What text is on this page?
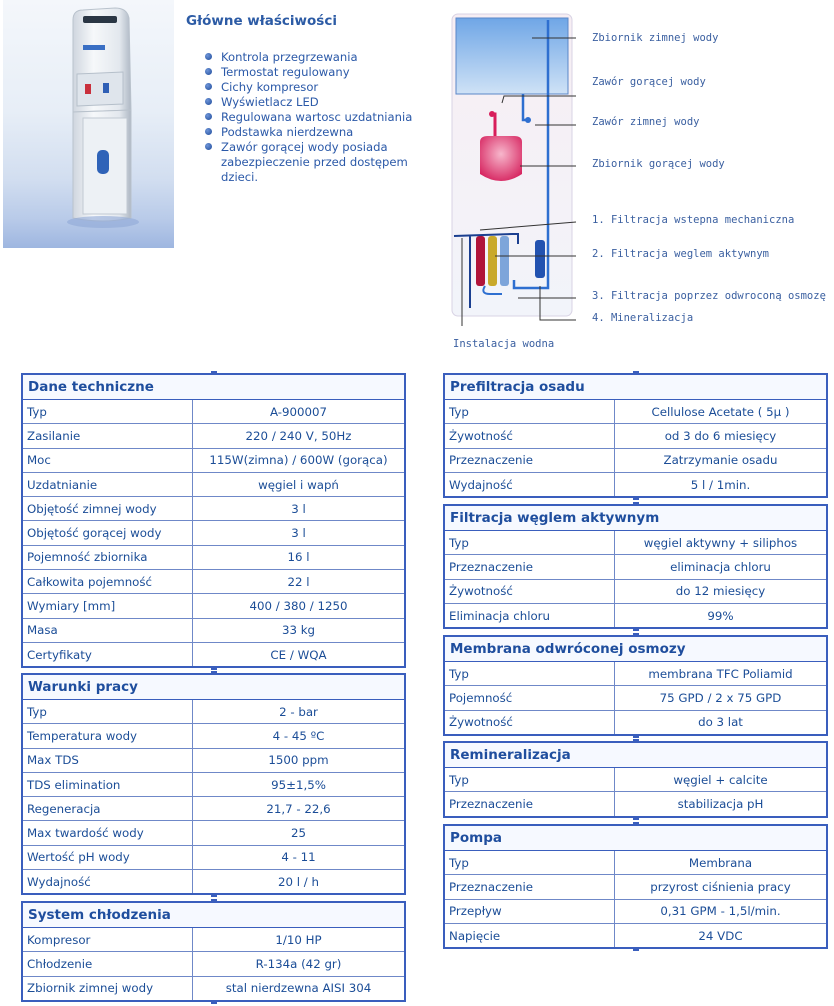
Główne właściwości
Kontrola przegrzewania
Termostat regulowany
Cichy kompresor
Wyświetlacz LED
Regulowana wartosc uzdatniania
Podstawka nierdzewna
Zawór gorącej wody posiada zabezpieczenie przed dostępem dzieci.
Zbiornik zimnej wody
Zawór gorącej wody
Zawór zimnej wody
Zbiornik gorącej wody
1. Filtracja wstepna mechaniczna
2. Filtracja weglem aktywnym
3. Filtracja poprzez odwroconą osmozę
4. Mineralizacja
Instalacja wodna
Dane techniczne
Typ	A-900007
Zasilanie	220 / 240 V, 50Hz
Moc	115W(zimna) / 600W (gorąca)
Uzdatnianie	węgiel i wapń
Objętość zimnej wody	3 l
Objętość gorącej wody	3 l
Pojemność zbiornika	16 l
Całkowita pojemność	22 l
Wymiary [mm]	400 / 380 / 1250
Masa	33 kg
Certyfikaty	CE / WQA
Warunki pracy
Typ	2 - bar
Temperatura wody	4 - 45 ºC
Max TDS	1500 ppm
TDS elimination	95±1,5%
Regeneracja	21,7 - 22,6
Max twardość wody	25
Wertość pH wody	4 - 11
Wydajność	20 l / h
System chłodzenia
Kompresor	1/10 HP
Chłodzenie	R-134a (42 gr)
Zbiornik zimnej wody	stal nierdzewna AISI 304
Prefiltracja osadu
Typ	Cellulose Acetate ( 5µ )
Żywotność	od 3 do 6 miesięcy
Przeznaczenie	Zatrzymanie osadu
Wydajność	5 l / 1min.
Filtracja węglem aktywnym
Typ	węgiel aktywny + siliphos
Przeznaczenie	eliminacja chloru
Żywotność	do 12 miesięcy
Eliminacja chloru	99%
Membrana odwróconej osmozy
Typ	membrana TFC Poliamid
Pojemność	75 GPD / 2 x 75 GPD
Żywotność	do 3 lat
Remineralizacja
Typ	węgiel + calcite
Przeznaczenie	stabilizacja pH
Pompa
Typ	Membrana
Przeznaczenie	przyrost ciśnienia pracy
Przepływ	0,31 GPM - 1,5l/min.
Napięcie	24 VDC
